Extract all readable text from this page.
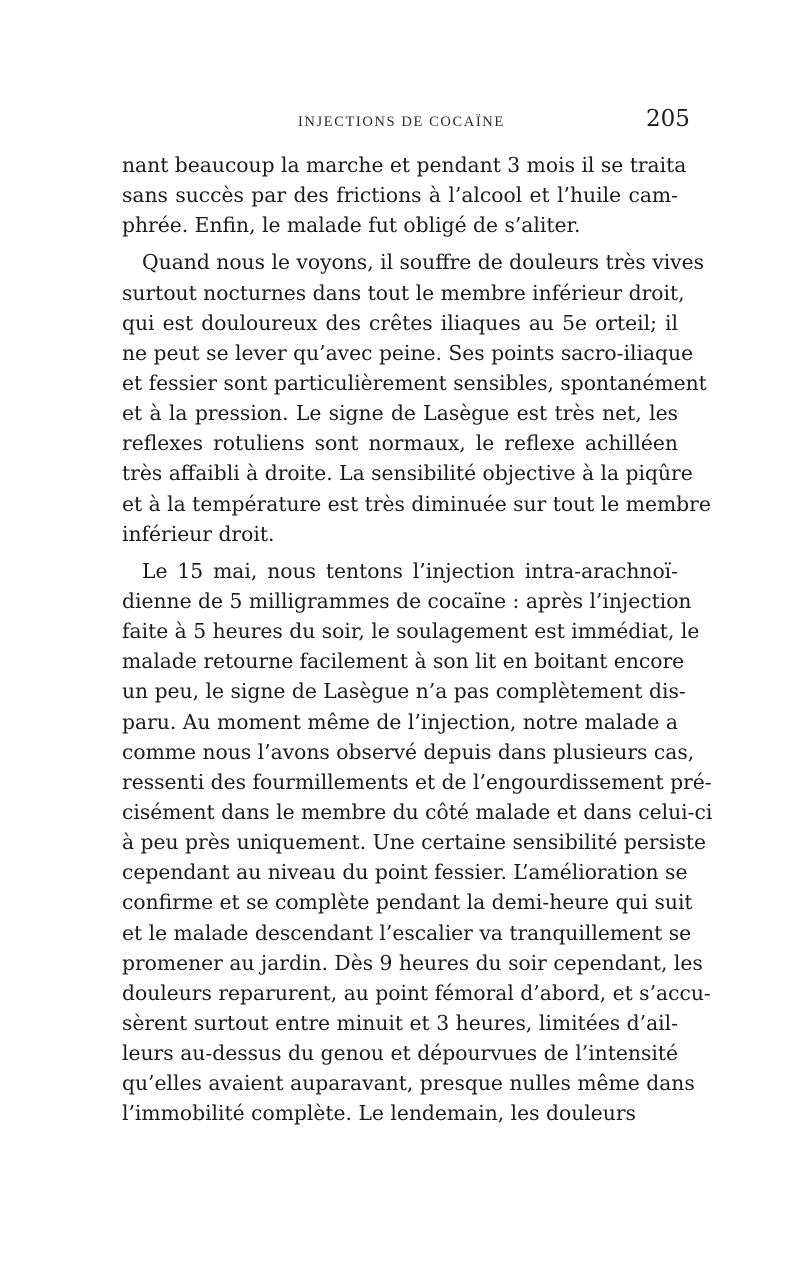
INJECTIONS DE COCAÏNE	205
nant beaucoup la marche et pendant 3 mois il se traita
sans succès par des frictions à l’alcool et l’huile cam-
phrée. Enfin, le malade fut obligé de s’aliter.
Quand nous le voyons, il souffre de douleurs très vives
surtout nocturnes dans tout le membre inférieur droit,
qui est douloureux des crêtes iliaques au 5e orteil; il
ne peut se lever qu’avec peine. Ses points sacro-iliaque
et fessier sont particulièrement sensibles, spontanément
et à la pression. Le signe de Lasègue est très net, les
reflexes rotuliens sont normaux, le reflexe achilléen
très affaibli à droite. La sensibilité objective à la piqûre
et à la température est très diminuée sur tout le membre
inférieur droit.
Le 15 mai, nous tentons l’injection intra-arachnoï-
dienne de 5 milligrammes de cocaïne : après l’injection
faite à 5 heures du soir, le soulagement est immédiat, le
malade retourne facilement à son lit en boitant encore
un peu, le signe de Lasègue n’a pas complètement dis-
paru. Au moment même de l’injection, notre malade a
comme nous l’avons observé depuis dans plusieurs cas,
ressenti des fourmillements et de l’engourdissement pré-
cisément dans le membre du côté malade et dans celui-ci
à peu près uniquement. Une certaine sensibilité persiste
cependant au niveau du point fessier. L’amélioration se
confirme et se complète pendant la demi-heure qui suit
et le malade descendant l’escalier va tranquillement se
promener au jardin. Dès 9 heures du soir cependant, les
douleurs reparurent, au point fémoral d’abord, et s’accu-
sèrent surtout entre minuit et 3 heures, limitées d’ail-
leurs au-dessus du genou et dépourvues de l’intensité
qu’elles avaient auparavant, presque nulles même dans
l’immobilité complète. Le lendemain, les douleurs
